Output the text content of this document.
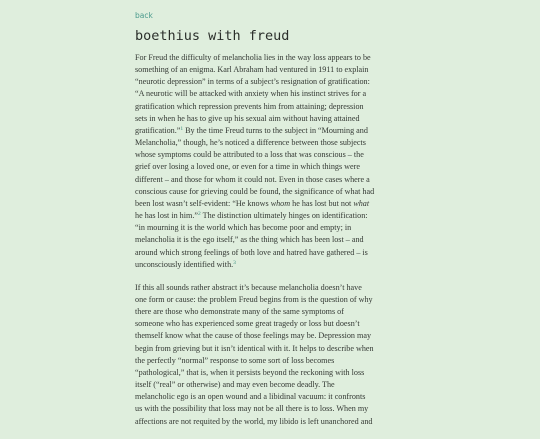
back
boethius with freud

For Freud the difficulty of melancholia lies in the way loss appears to be
something of an enigma. Karl Abraham had ventured in 1911 to explain
“neurotic depression” in terms of a subject’s resignation of gratification:
“A neurotic will be attacked with anxiety when his instinct strives for a
gratification which repression prevents him from attaining; depression
sets in when he has to give up his sexual aim without having attained
gratification.”$^1$ By the time Freud turns to the subject in “Mourning and
Melancholia,” though, he’s noticed a difference between those subjects
whose symptoms could be attributed to a loss that was conscious – the
grief over losing a loved one, or even for a time in which things were
different – and those for whom it could not. Even in those cases where a
conscious cause for grieving could be found, the significance of what had
been lost wasn’t self-evident: “He knows whom he has lost but not what
he has lost in him.”$^2$ The distinction ultimately hinges on identification:
“in mourning it is the world which has become poor and empty; in
melancholia it is the ego itself,” as the thing which has been lost – and
around which strong feelings of both love and hatred have gathered – is
unconsciously identified with.$^3$

If this all sounds rather abstract it’s because melancholia doesn’t have
one form or cause: the problem Freud begins from is the question of why
there are those who demonstrate many of the same symptoms of
someone who has experienced some great tragedy or loss but doesn’t
themself know what the cause of those feelings may be. Depression may
begin from grieving but it isn’t identical with it. It helps to describe when
the perfectly “normal” response to some sort of loss becomes
“pathological,” that is, when it persists beyond the reckoning with loss
itself (“real” or otherwise) and may even become deadly. The
melancholic ego is an open wound and a libidinal vacuum: it confronts
us with the possibility that loss may not be all there is to loss. When my
affections are not requited by the world, my libido is left unanchored and
